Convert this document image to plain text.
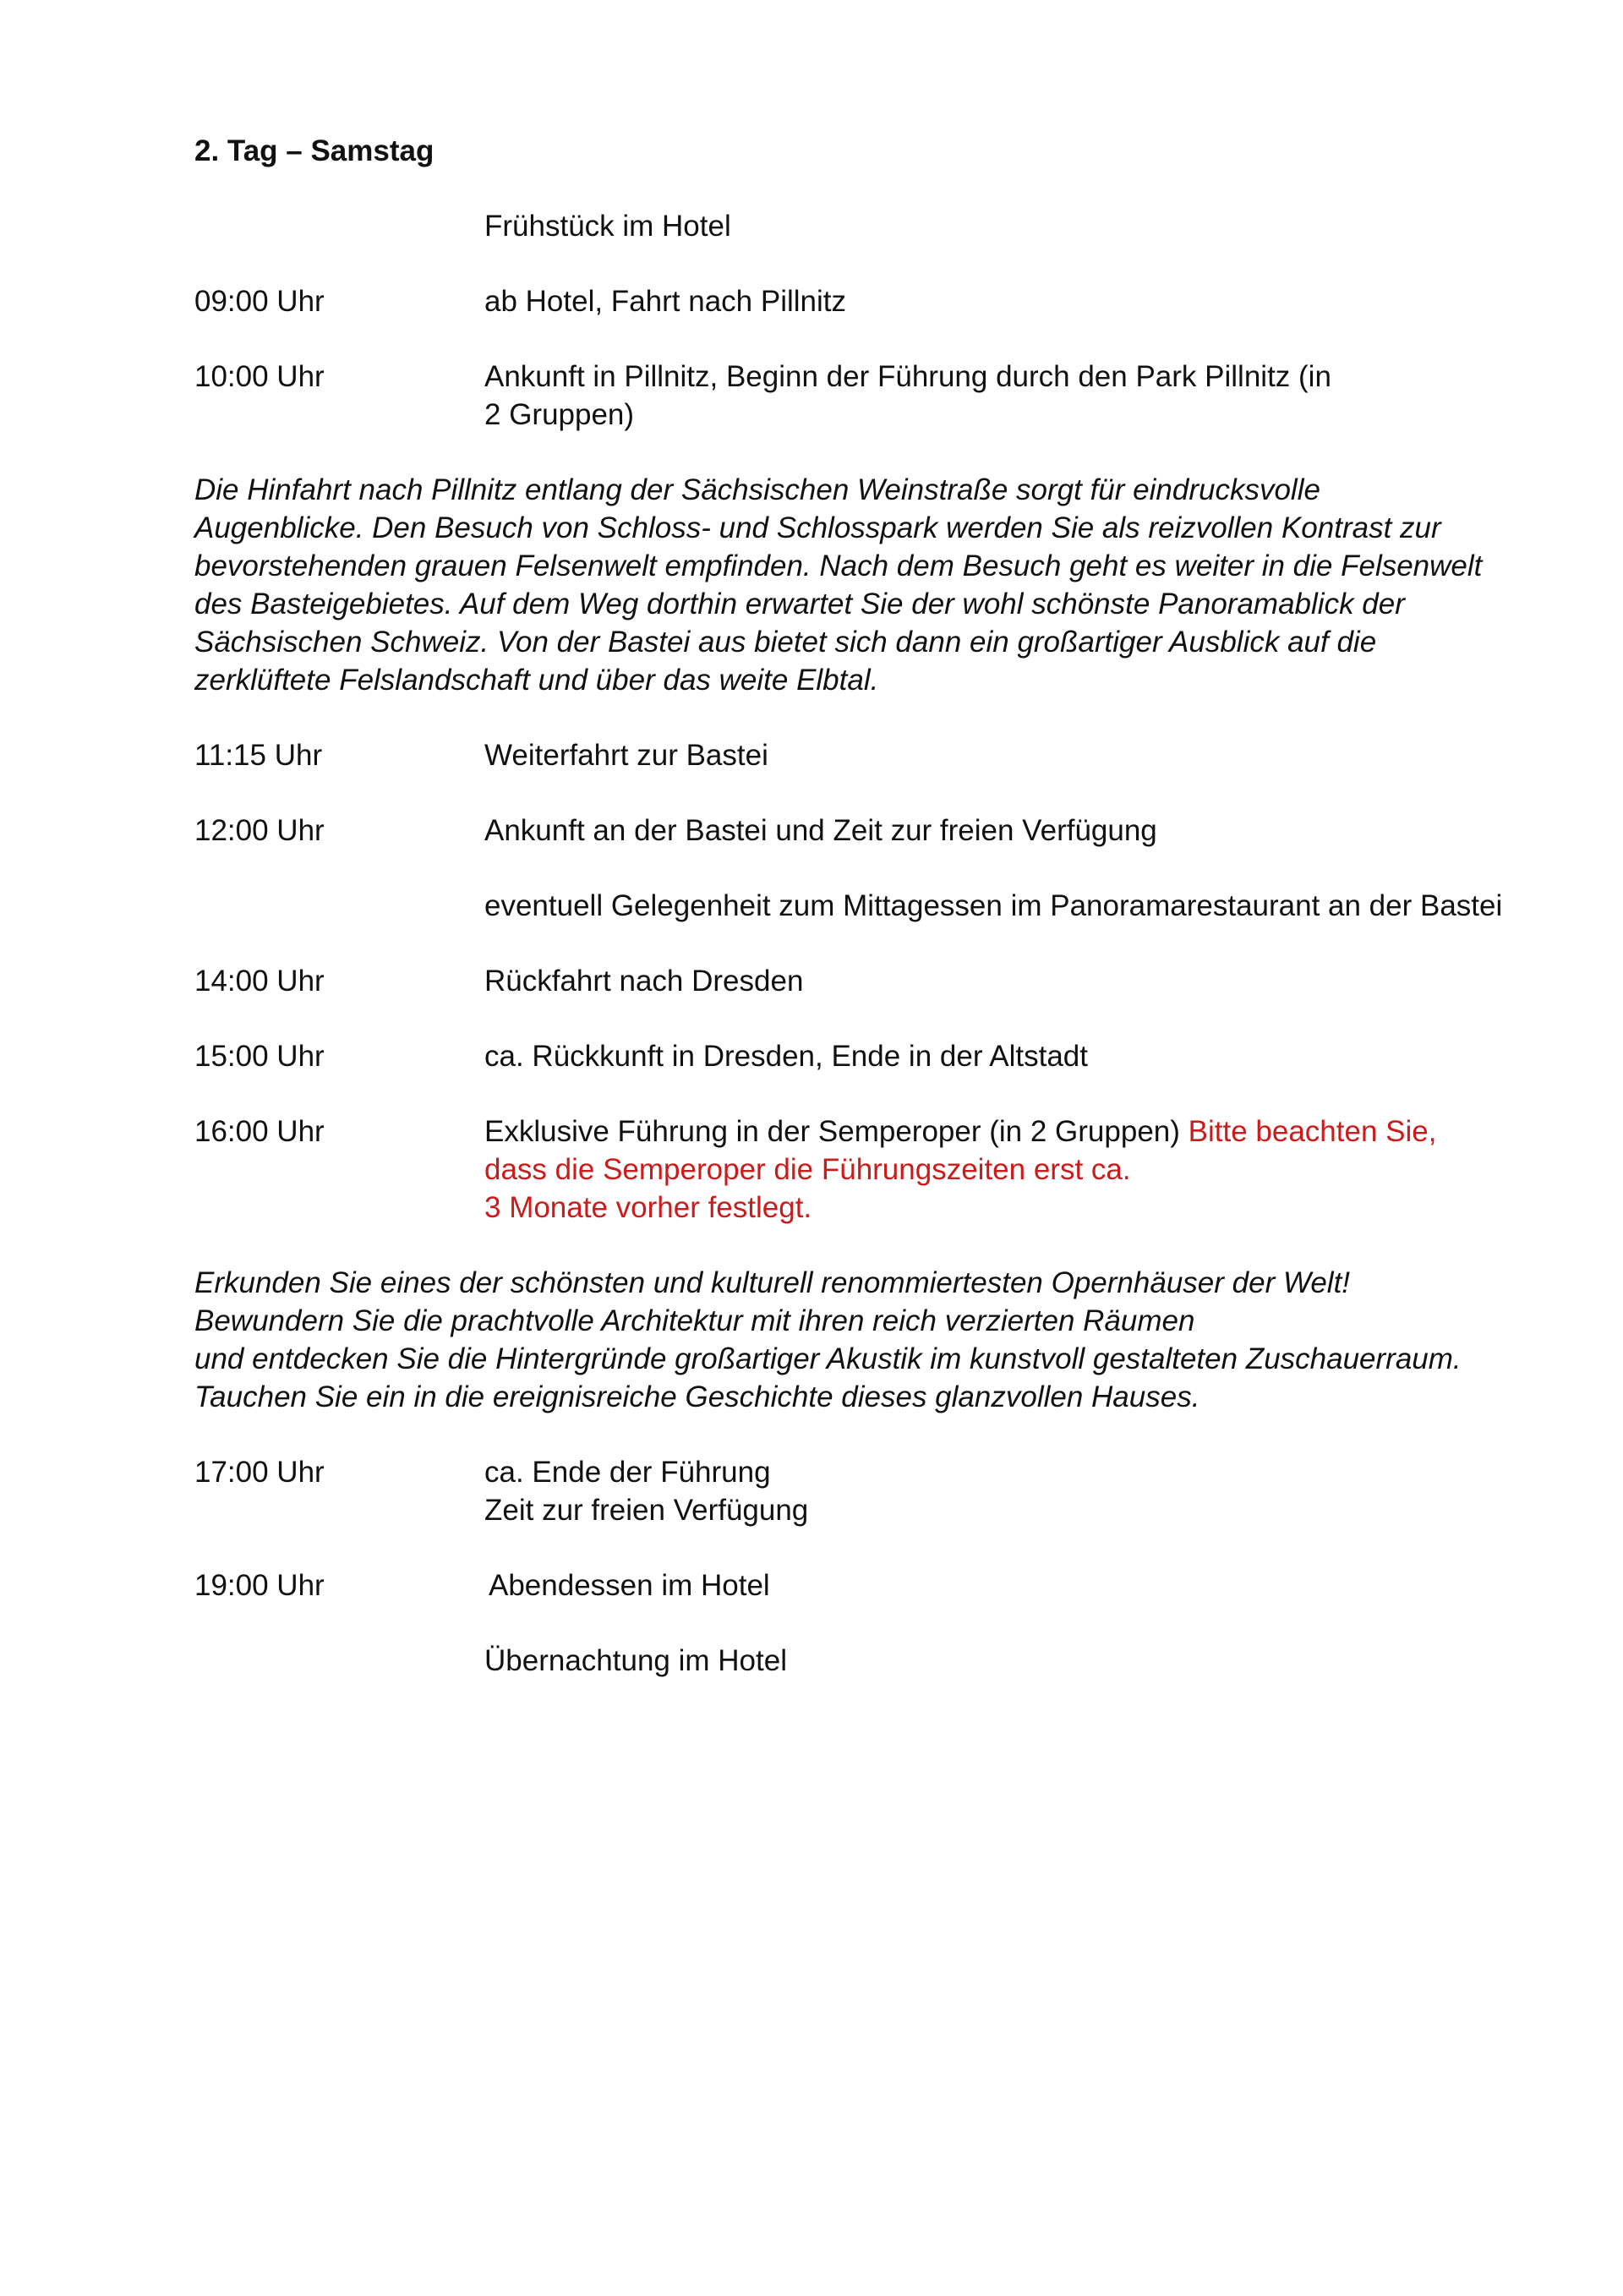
2. Tag – Samstag
Frühstück im Hotel
09:00 Uhr	ab Hotel, Fahrt nach Pillnitz
10:00 Uhr	Ankunft in Pillnitz, Beginn der Führung durch den Park Pillnitz (in
2 Gruppen)
Die Hinfahrt nach Pillnitz entlang der Sächsischen Weinstraße sorgt für eindrucksvolle
Augenblicke. Den Besuch von Schloss- und Schlosspark werden Sie als reizvollen Kontrast zur
bevorstehenden grauen Felsenwelt empfinden. Nach dem Besuch geht es weiter in die Felsenwelt
des Basteigebietes. Auf dem Weg dorthin erwartet Sie der wohl schönste Panoramablick der
Sächsischen Schweiz. Von der Bastei aus bietet sich dann ein großartiger Ausblick auf die
zerklüftete Felslandschaft und über das weite Elbtal.
11:15 Uhr	Weiterfahrt zur Bastei
12:00 Uhr	Ankunft an der Bastei und Zeit zur freien Verfügung
eventuell Gelegenheit zum Mittagessen im Panoramarestaurant an der Bastei
14:00 Uhr	Rückfahrt nach Dresden
15:00 Uhr	ca. Rückkunft in Dresden, Ende in der Altstadt
16:00 Uhr	Exklusive Führung in der Semperoper (in 2 Gruppen) Bitte beachten Sie,
dass die Semperoper die Führungszeiten erst ca.
3 Monate vorher festlegt.
Erkunden Sie eines der schönsten und kulturell renommiertesten Opernhäuser der Welt!
Bewundern Sie die prachtvolle Architektur mit ihren reich verzierten Räumen
und entdecken Sie die Hintergründe großartiger Akustik im kunstvoll gestalteten Zuschauerraum.
Tauchen Sie ein in die ereignisreiche Geschichte dieses glanzvollen Hauses.
17:00 Uhr	ca. Ende der Führung
Zeit zur freien Verfügung
19:00 Uhr	Abendessen im Hotel
Übernachtung im Hotel
